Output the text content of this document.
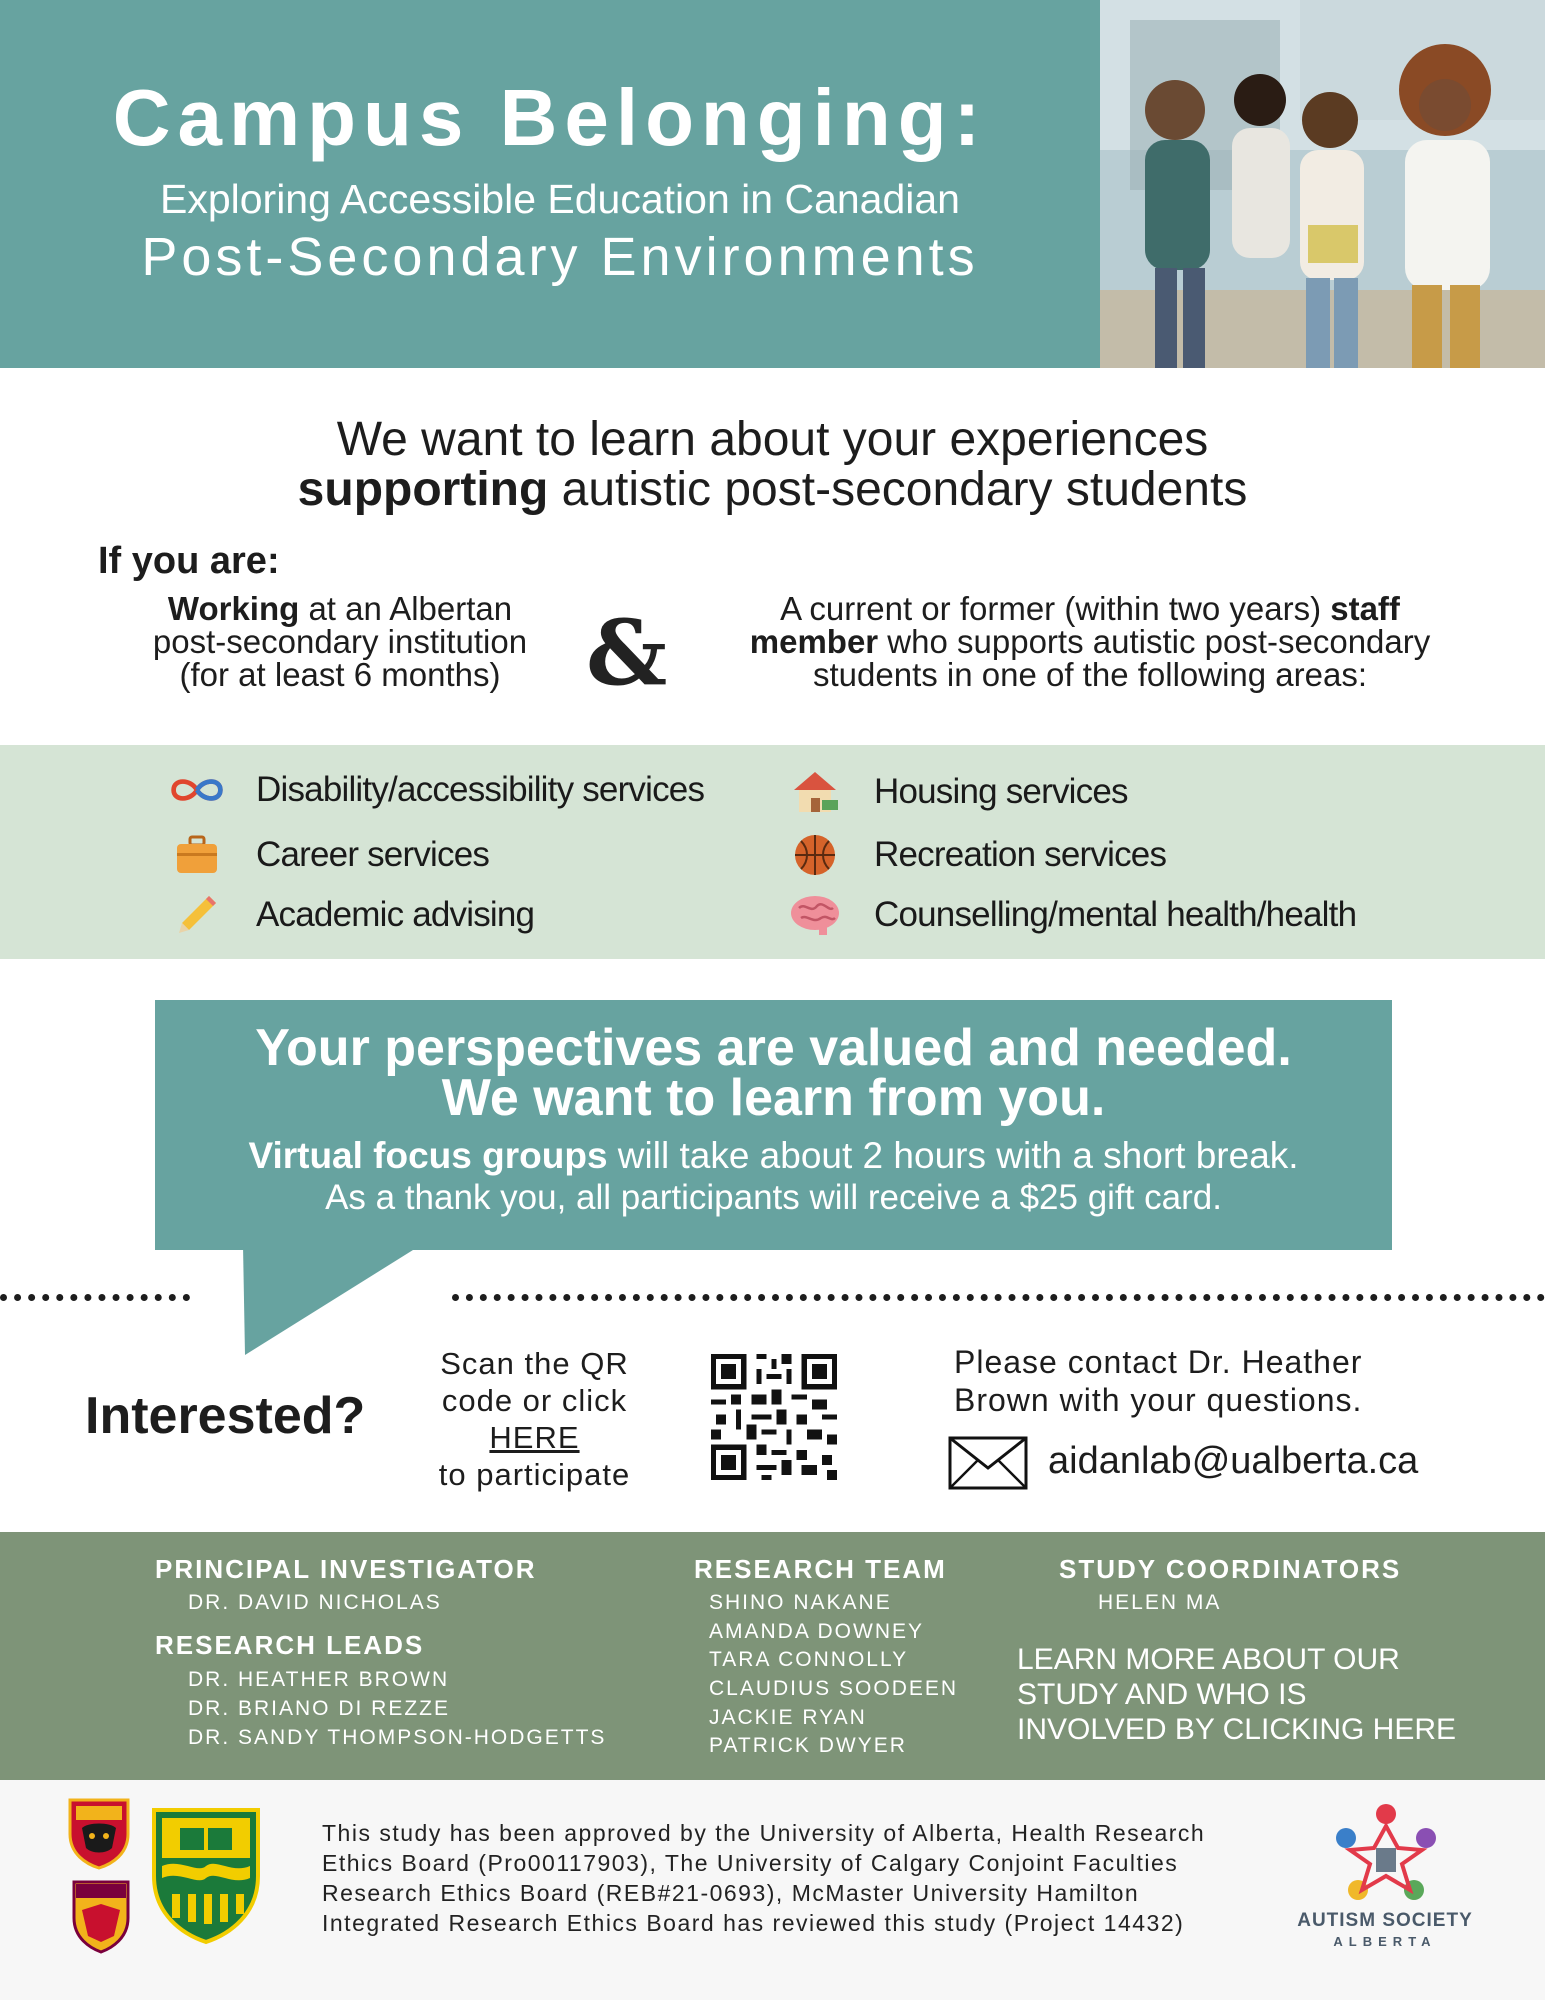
Campus Belonging:
Exploring Accessible Education in Canadian
Post-Secondary Environments
We want to learn about your experiences
supporting autistic post-secondary students
If you are:
Working at an Albertan
post-secondary institution
(for at least 6 months) &	A current or former (within two years) staff
member who supports autistic post-secondary
students in one of the following areas:
Disability/accessibility services
Career services
Academic advising
Housing services
Recreation services
Counselling/mental health/health
Your perspectives are valued and needed.
We want to learn from you.
Virtual focus groups will take about 2 hours with a short break.
As a thank you, all participants will receive a $25 gift card.
Interested?
Scan the QR
code or click
HERE
to participate
Please contact Dr. Heather
Brown with your questions.
aidanlab@ualberta.ca
PRINCIPAL INVESTIGATOR
DR. DAVID NICHOLAS
RESEARCH LEADS
DR. HEATHER BROWN
DR. BRIANO DI REZZE
DR. SANDY THOMPSON-HODGETTS
RESEARCH TEAM
SHINO NAKANE
AMANDA DOWNEY
TARA CONNOLLY
CLAUDIUS SOODEEN
JACKIE RYAN
PATRICK DWYER
STUDY COORDINATORS
HELEN MA
LEARN MORE ABOUT OUR
STUDY AND WHO IS
INVOLVED BY CLICKING HERE
This study has been approved by the University of Alberta, Health Research
Ethics Board (Pro00117903), The University of Calgary Conjoint Faculties
Research Ethics Board (REB#21-0693), McMaster University Hamilton
Integrated Research Ethics Board has reviewed this study (Project 14432)	AUTISM SOCIETY
ALBERTA
